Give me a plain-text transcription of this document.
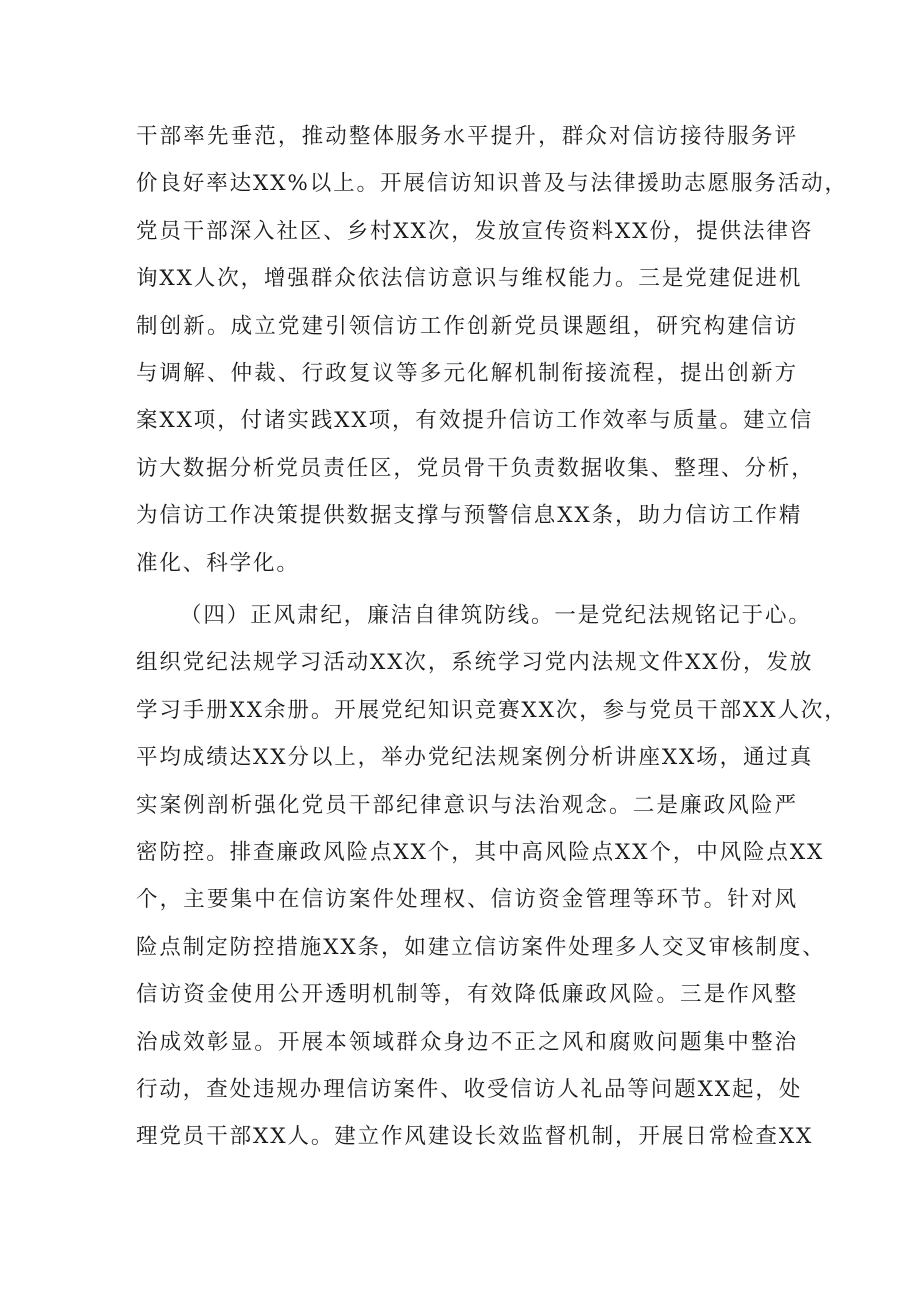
干部率先垂范，推动整体服务水平提升，群众对信访接待服务评
价良好率达XX%以上。开展信访知识普及与法律援助志愿服务活动，
党员干部深入社区、乡村XX次，发放宣传资料XX份，提供法律咨
询XX人次，增强群众依法信访意识与维权能力。三是党建促进机
制创新。成立党建引领信访工作创新党员课题组，研究构建信访
与调解、仲裁、行政复议等多元化解机制衔接流程，提出创新方
案XX项，付诸实践XX项，有效提升信访工作效率与质量。建立信
访大数据分析党员责任区，党员骨干负责数据收集、整理、分析，
为信访工作决策提供数据支撑与预警信息XX条，助力信访工作精
准化、科学化。
（四）正风肃纪，廉洁自律筑防线。一是党纪法规铭记于心。
组织党纪法规学习活动XX次，系统学习党内法规文件XX份，发放
学习手册XX余册。开展党纪知识竞赛XX次，参与党员干部XX人次，
平均成绩达XX分以上，举办党纪法规案例分析讲座XX场，通过真
实案例剖析强化党员干部纪律意识与法治观念。二是廉政风险严
密防控。排查廉政风险点XX个，其中高风险点XX个，中风险点XX
个，主要集中在信访案件处理权、信访资金管理等环节。针对风
险点制定防控措施XX条，如建立信访案件处理多人交叉审核制度、
信访资金使用公开透明机制等，有效降低廉政风险。三是作风整
治成效彰显。开展本领域群众身边不正之风和腐败问题集中整治
行动，查处违规办理信访案件、收受信访人礼品等问题XX起，处
理党员干部XX人。建立作风建设长效监督机制，开展日常检查XX
